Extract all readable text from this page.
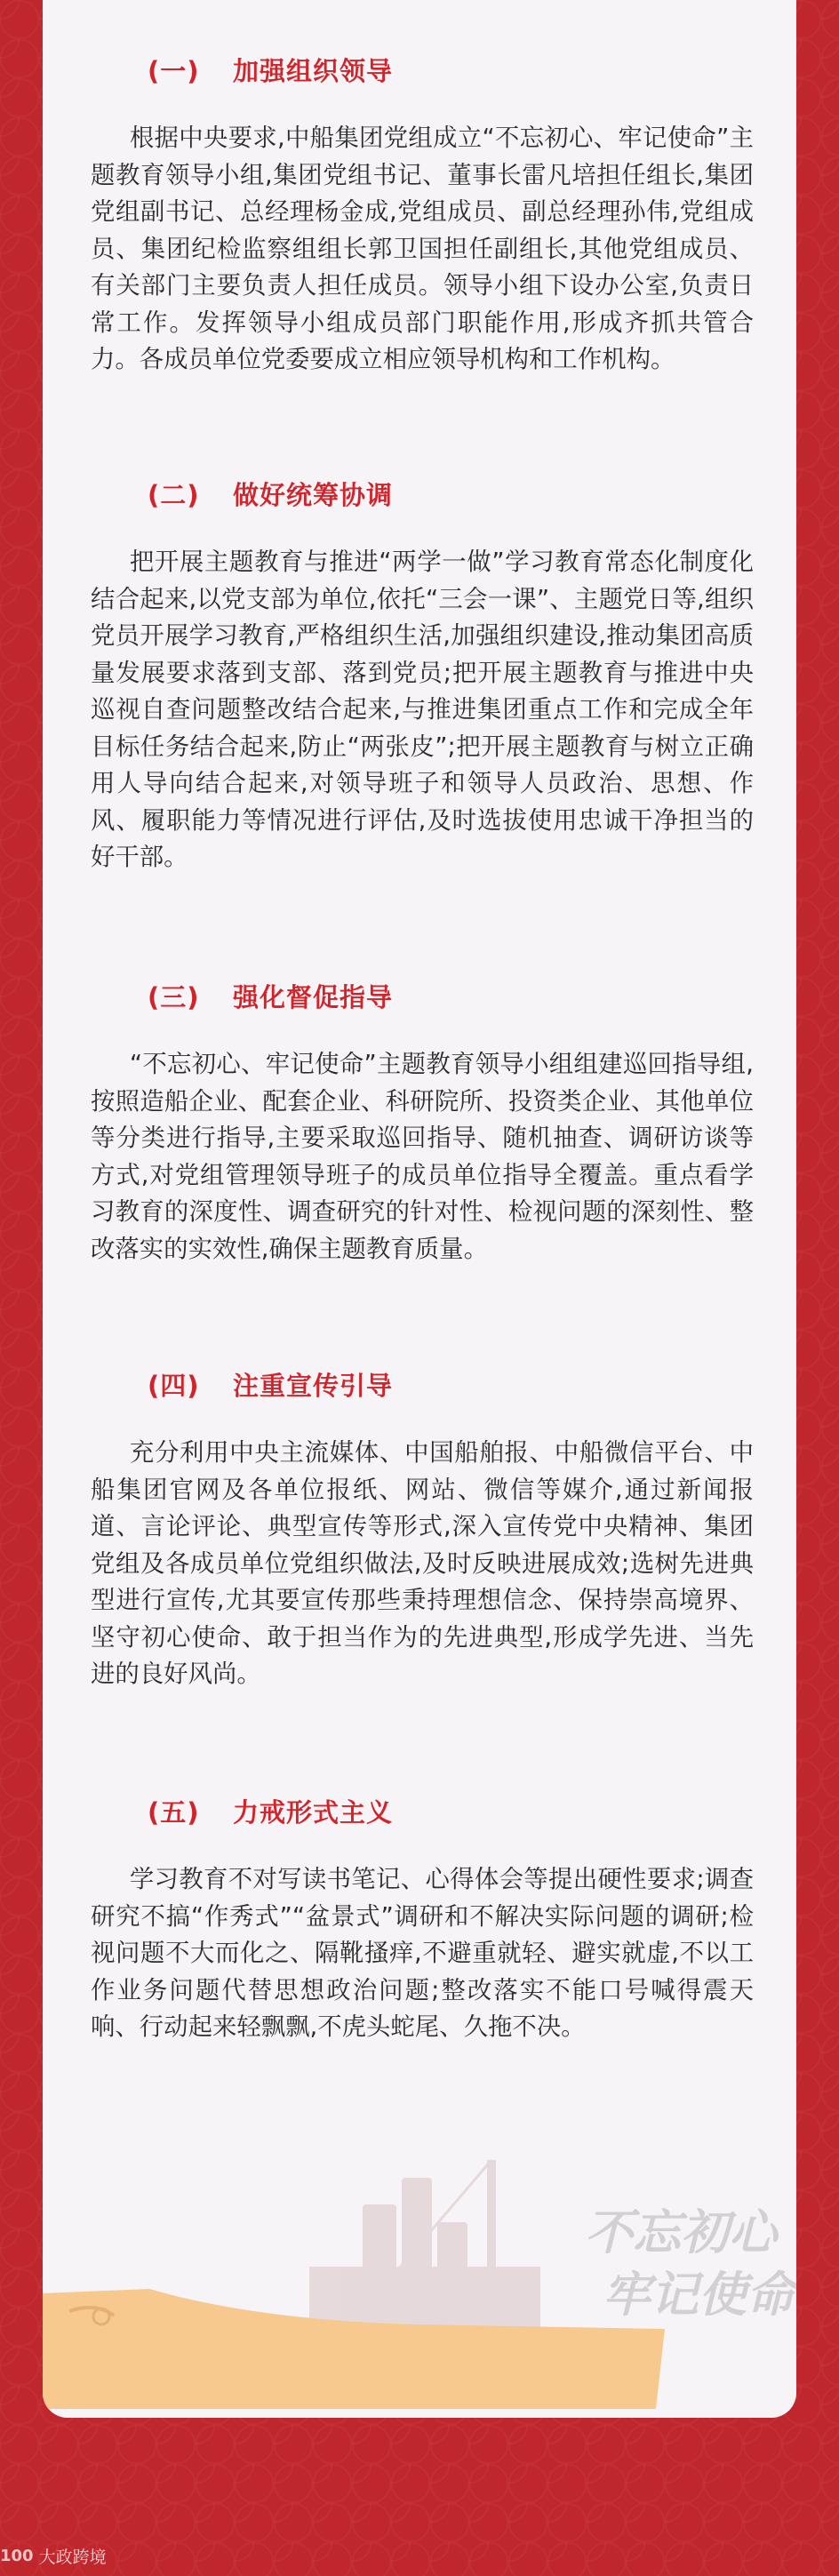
(一) 加强组织领导

根据中央要求,中船集团党组成立“不忘初心、牢记使命”主题教育领导小组,集团党组书记、董事长雷凡培担任组长,集团党组副书记、总经理杨金成,党组成员、副总经理孙伟,党组成员、集团纪检监察组组长郭卫国担任副组长,其他党组成员、有关部门主要负责人担任成员。领导小组下设办公室,负责日常工作。发挥领导小组成员部门职能作用,形成齐抓共管合力。各成员单位党委要成立相应领导机构和工作机构。

(二) 做好统筹协调

把开展主题教育与推进“两学一做”学习教育常态化制度化结合起来,以党支部为单位,依托“三会一课”、主题党日等,组织党员开展学习教育,严格组织生活,加强组织建设,推动集团高质量发展要求落到支部、落到党员;把开展主题教育与推进中央巡视自查问题整改结合起来,与推进集团重点工作和完成全年目标任务结合起来,防止“两张皮”;把开展主题教育与树立正确用人导向结合起来,对领导班子和领导人员政治、思想、作风、履职能力等情况进行评估,及时选拔使用忠诚干净担当的好干部。

(三) 强化督促指导

“不忘初心、牢记使命”主题教育领导小组组建巡回指导组,按照造船企业、配套企业、科研院所、投资类企业、其他单位等分类进行指导,主要采取巡回指导、随机抽查、调研访谈等方式,对党组管理领导班子的成员单位指导全覆盖。重点看学习教育的深度性、调查研究的针对性、检视问题的深刻性、整改落实的实效性,确保主题教育质量。

(四) 注重宣传引导

充分利用中央主流媒体、中国船舶报、中船微信平台、中船集团官网及各单位报纸、网站、微信等媒介,通过新闻报道、言论评论、典型宣传等形式,深入宣传党中央精神、集团党组及各成员单位党组织做法,及时反映进展成效;选树先进典型进行宣传,尤其要宣传那些秉持理想信念、保持崇高境界、坚守初心使命、敢于担当作为的先进典型,形成学先进、当先进的良好风尚。

(五) 力戒形式主义

学习教育不对写读书笔记、心得体会等提出硬性要求;调查研究不搞“作秀式”“盆景式”调研和不解决实际问题的调研;检视问题不大而化之、隔靴搔痒,不避重就轻、避实就虚,不以工作业务问题代替思想政治问题;整改落实不能口号喊得震天响、行动起来轻飘飘,不虎头蛇尾、久拖不决。

不忘初心
牢记使命
100 大政跨境
